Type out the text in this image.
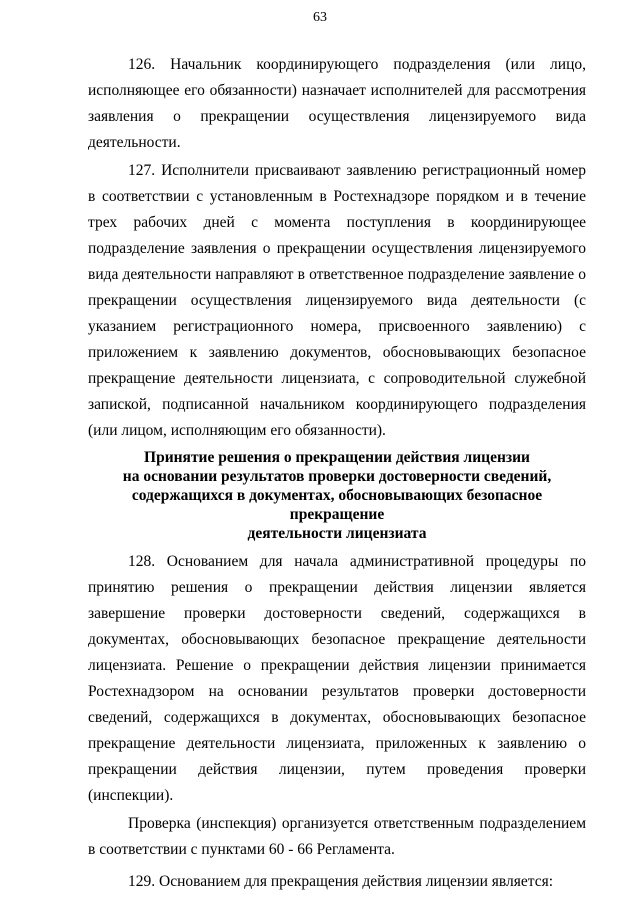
63

126. Начальник координирующего подразделения (или лицо, исполняющее его обязанности) назначает исполнителей для рассмотрения заявления о прекращении осуществления лицензируемого вида деятельности.

127. Исполнители присваивают заявлению регистрационный номер в соответствии с установленным в Ростехнадзоре порядком и в течение трех рабочих дней с момента поступления в координирующее подразделение заявления о прекращении осуществления лицензируемого вида деятельности направляют в ответственное подразделение заявление о прекращении осуществления лицензируемого вида деятельности (с указанием регистрационного номера, присвоенного заявлению) с приложением к заявлению документов, обосновывающих безопасное прекращение деятельности лицензиата, с сопроводительной служебной запиской, подписанной начальником координирующего подразделения (или лицом, исполняющим его обязанности).

Принятие решения о прекращении действия лицензии
на основании результатов проверки достоверности сведений,
содержащихся в документах, обосновывающих безопасное прекращение
деятельности лицензиата

128. Основанием для начала административной процедуры по принятию решения о прекращении действия лицензии является завершение проверки достоверности сведений, содержащихся в документах, обосновывающих безопасное прекращение деятельности лицензиата. Решение о прекращении действия лицензии принимается Ростехнадзором на основании результатов проверки достоверности сведений, содержащихся в документах, обосновывающих безопасное прекращение деятельности лицензиата, приложенных к заявлению о прекращении действия лицензии, путем проведения проверки (инспекции).

Проверка (инспекция) организуется ответственным подразделением в соответствии с пунктами 60 - 66 Регламента.

129. Основанием для прекращения действия лицензии является:
